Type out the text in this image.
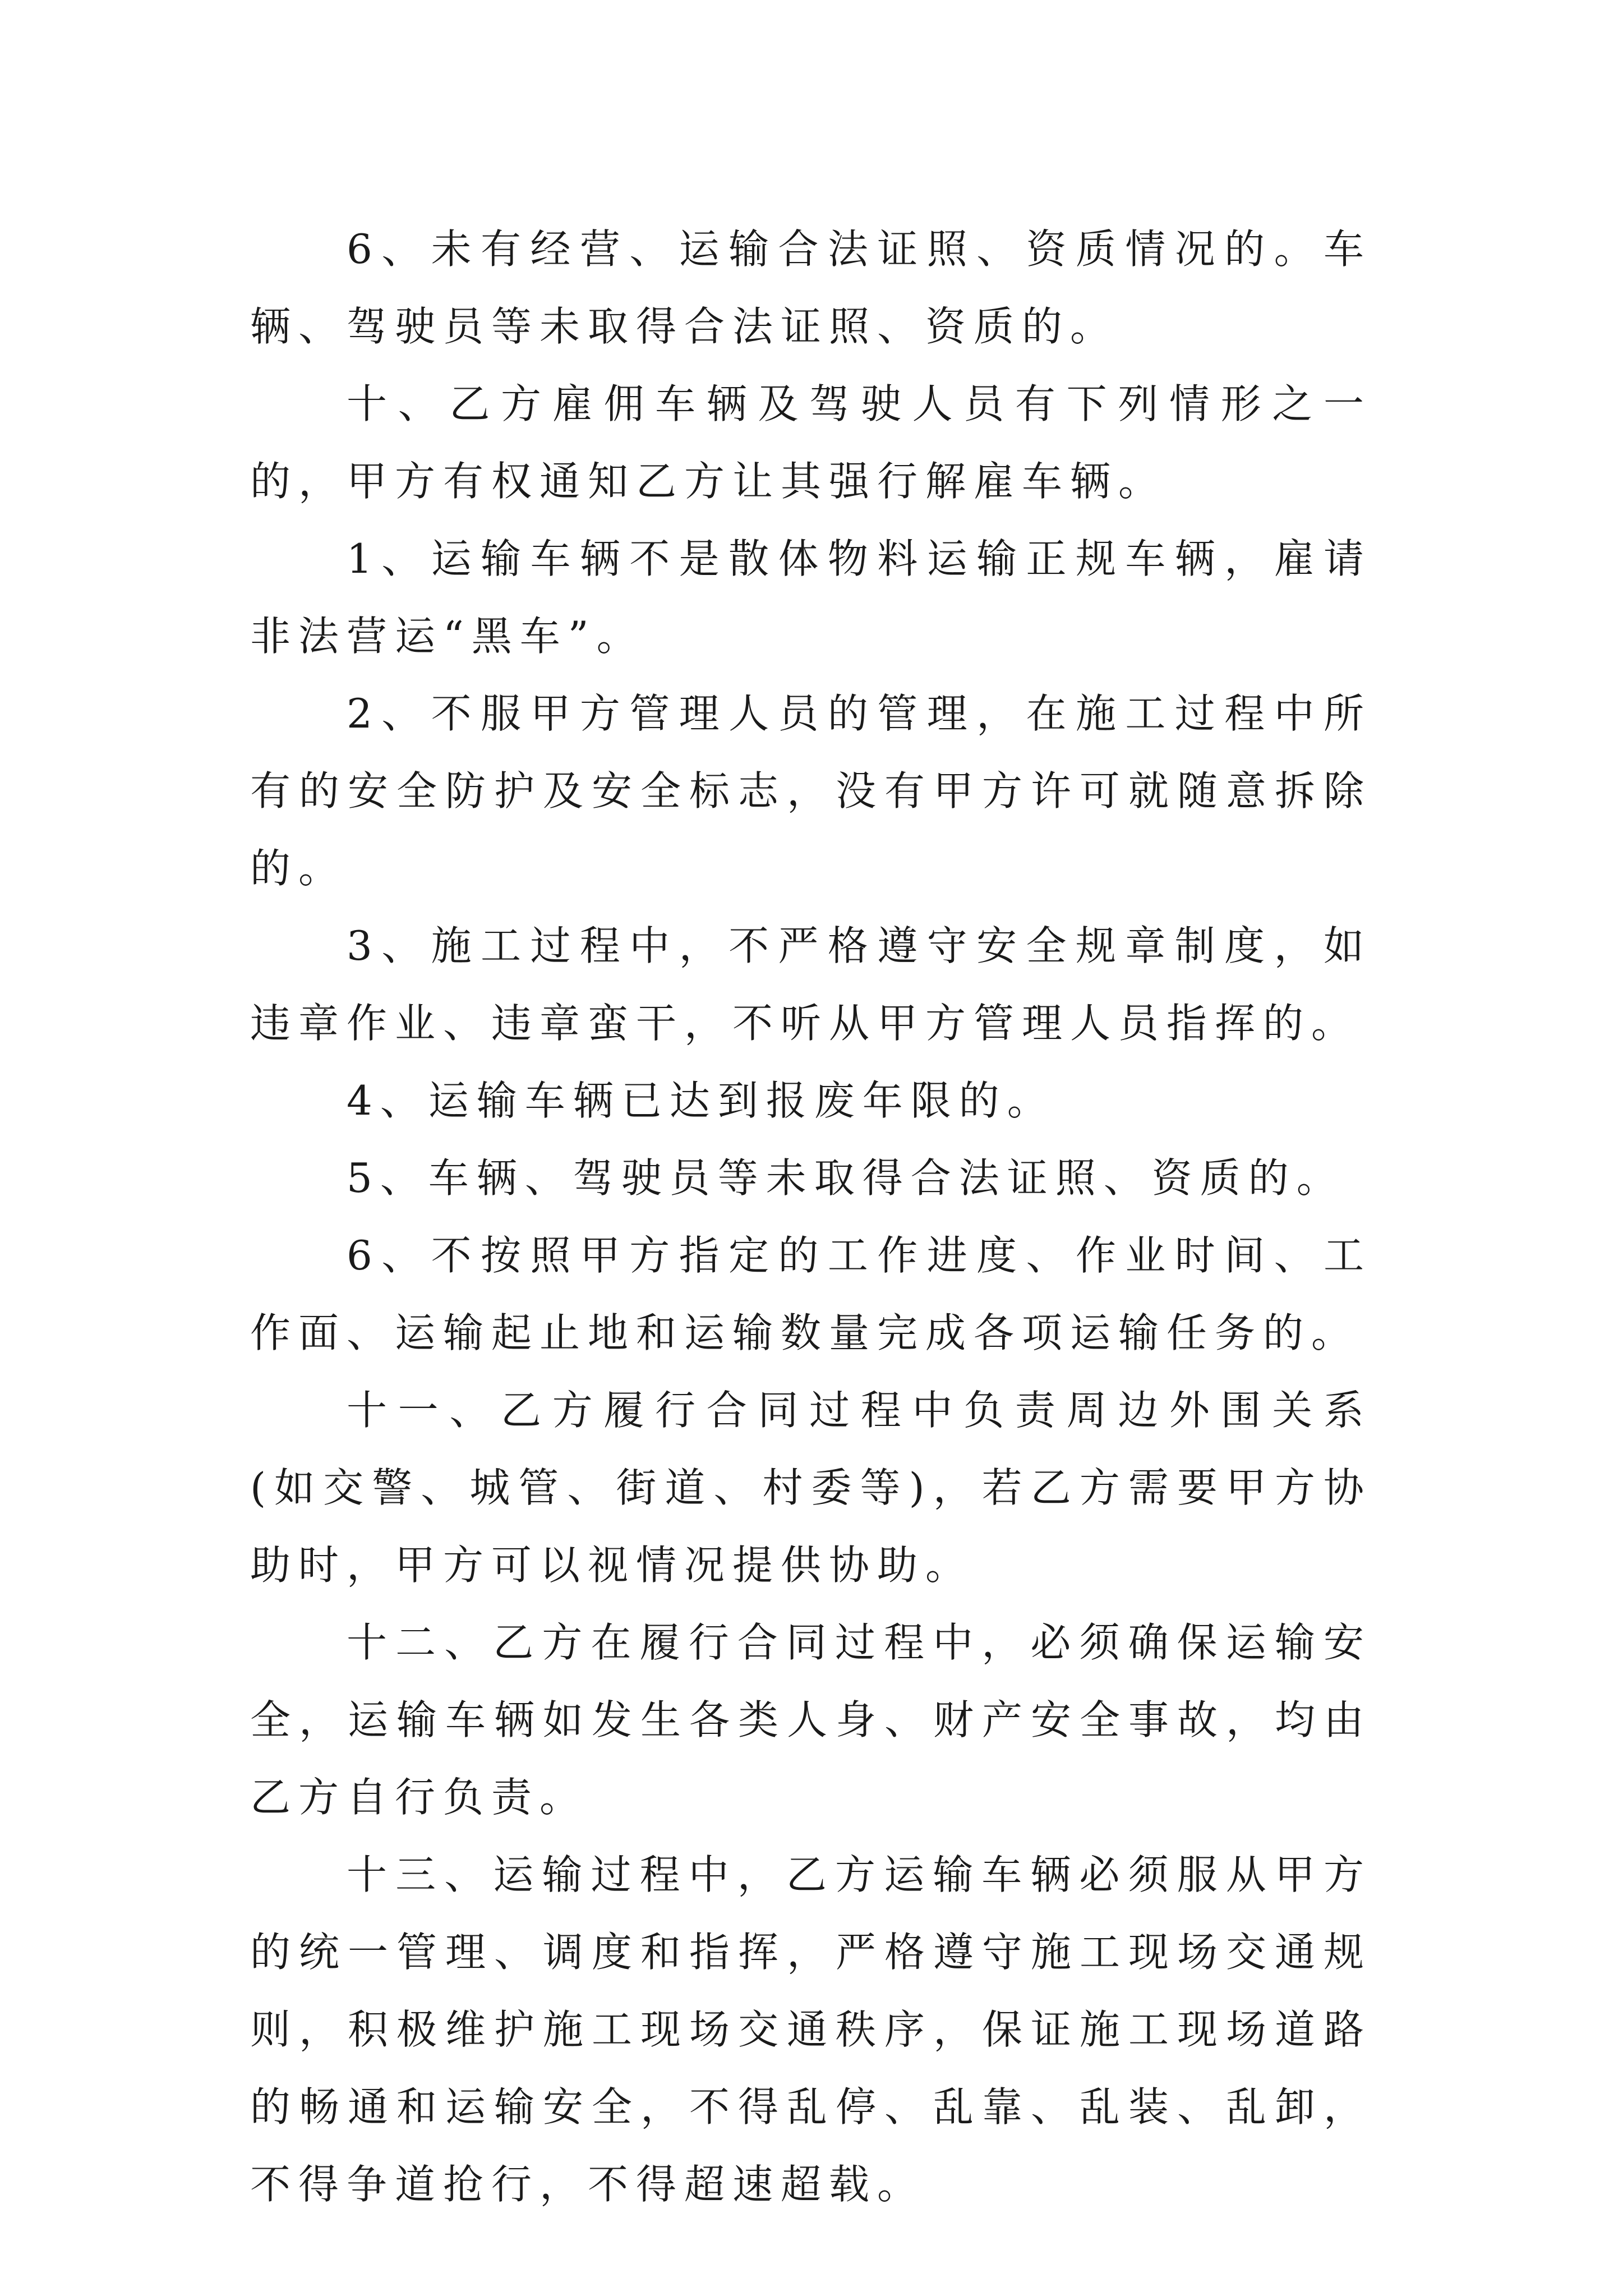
6、未有经营、运输合法证照、资质情况的。车辆、驾驶员等未取得合法证照、资质的。

十、乙方雇佣车辆及驾驶人员有下列情形之一的，甲方有权通知乙方让其强行解雇车辆。

1、运输车辆不是散体物料运输正规车辆，雇请非法营运“黑车”。

2、不服甲方管理人员的管理，在施工过程中所有的安全防护及安全标志，没有甲方许可就随意拆除的。

3、施工过程中，不严格遵守安全规章制度，如违章作业、违章蛮干，不听从甲方管理人员指挥的。

4、运输车辆已达到报废年限的。

5、车辆、驾驶员等未取得合法证照、资质的。

6、不按照甲方指定的工作进度、作业时间、工作面、运输起止地和运输数量完成各项运输任务的。

十一、乙方履行合同过程中负责周边外围关系(如交警、城管、街道、村委等)，若乙方需要甲方协助时，甲方可以视情况提供协助。

十二、乙方在履行合同过程中，必须确保运输安全，运输车辆如发生各类人身、财产安全事故，均由乙方自行负责。

十三、运输过程中，乙方运输车辆必须服从甲方的统一管理、调度和指挥，严格遵守施工现场交通规则，积极维护施工现场交通秩序，保证施工现场道路的畅通和运输安全，不得乱停、乱靠、乱装、乱卸，不得争道抢行，不得超速超载。
